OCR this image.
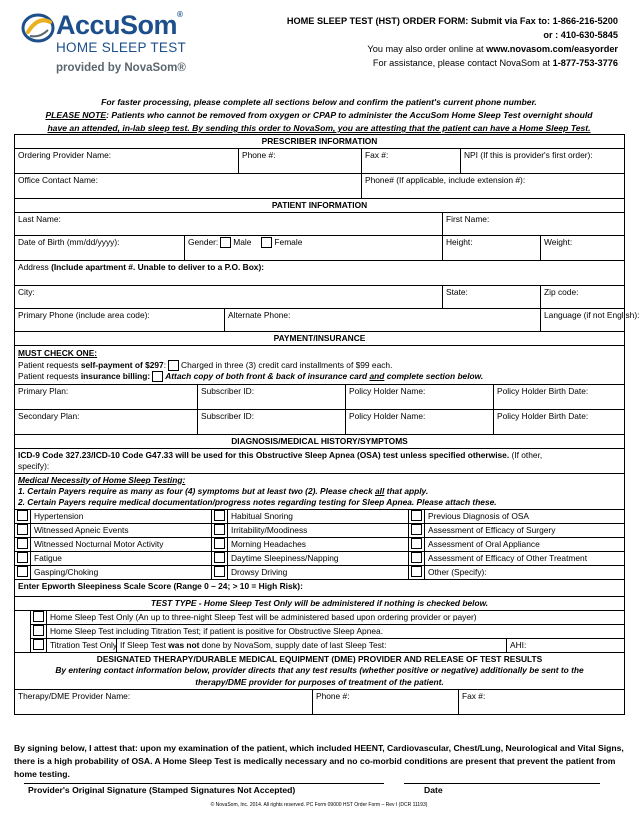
AccuSom®
HOME SLEEP TEST
provided by NovaSom®
HOME SLEEP TEST (HST) ORDER FORM: Submit via Fax to: 1-866-216-5200
or : 410-630-5845
You may also order online at www.novasom.com/easyorder
For assistance, please contact NovaSom at 1-877-753-3776
For faster processing, please complete all sections below and confirm the patient's current phone number.
PLEASE NOTE: Patients who cannot be removed from oxygen or CPAP to administer the AccuSom Home Sleep Test overnight should
have an attended, in-lab sleep test. By sending this order to NovaSom, you are attesting that the patient can have a Home Sleep Test.
PRESCRIBER INFORMATION			
Ordering Provider Name:	Phone #:	Fax #:	NPI (If this is provider's first order):
Office Contact Name:		Phone# (If applicable, include extension #):	
PATIENT INFORMATION				
Last Name:			First Name:	
Date of Birth (mm/dd/yyyy):	Gender: Male Female		Height:	Weight:
Address (Include apartment #. Unable to deliver to a P.O. Box):				
City:			State:	Zip code:
Primary Phone (include area code):		Alternate Phone:		Language (if not English):
PAYMENT/INSURANCE			

MUST CHECK ONE:
Patient requests self-payment of $297: Charged in three (3) credit card installments of $99 each.
Patient requests insurance billing: Attach copy of both front & back of insurance card and complete section below.			

Primary Plan:	Subscriber ID:	Policy Holder Name:	Policy Holder Birth Date:
Secondary Plan:	Subscriber ID:	Policy Holder Name:	Policy Holder Birth Date:
DIAGNOSIS/MEDICAL HISTORY/SYMPTOMS					
ICD-9 Code 327.23/ICD-10 Code G47.33 will be used for this Obstructive Sleep Apnea (OSA) test unless specified otherwise. (If other,
specify):					

Medical Necessity of Home Sleep Testing:
1. Certain Payers require as many as four (4) symptoms but at least two (2). Please check all that apply.
2. Certain Payers require medical documentation/progress notes regarding testing for Sleep Apnea. Please attach these.					

	Hypertension		Habitual Snoring		Previous Diagnosis of OSA

	Witnessed Apneic Events		Irritability/Moodiness		Assessment of Efficacy of Surgery

	Witnessed Nocturnal Motor Activity		Morning Headaches		Assessment of Oral Appliance

	Fatigue		Daytime Sleepiness/Napping		Assessment of Efficacy of Other Treatment

	Gasping/Choking		Drowsy Driving		Other (Specify):
Enter Epworth Sleepiness Scale Score (Range 0 – 24; > 10 = High Risk):					
TEST TYPE - Home Sleep Test Only will be administered if nothing is checked below.				

	Home Sleep Test Only (An up to three-night Sleep Test will be administered based upon ordering provider or payer)		

	Home Sleep Test including Titration Test; if patient is positive for Obstructive Sleep Apnea.		

	Titration Test Only	If Sleep Test was not done by NovaSom, supply date of last Sleep Test:	AHI:
DESIGNATED THERAPY/DURABLE MEDICAL EQUIPMENT (DME) PROVIDER AND RELEASE OF TEST RESULTS
By entering contact information below, provider directs that any test results (whether positive or negative) additionally be sent to the
therapy/DME provider for purposes of treatment of the patient.

Therapy/DME Provider Name:	Phone #:	Fax #:
By signing below, I attest that: upon my examination of the patient, which included HEENT, Cardiovascular, Chest/Lung, Neurological and Vital Signs, there is a high probability of OSA. A Home Sleep Test is medically necessary and no co-morbid conditions are present that prevent the patient from home testing.
Provider's Original Signature (Stamped Signatures Not Accepted)	Date
© NovaSom, Inc. 2014. All rights reserved. PC Form 09000 HST Order Form – Rev I (DCR 11193)
